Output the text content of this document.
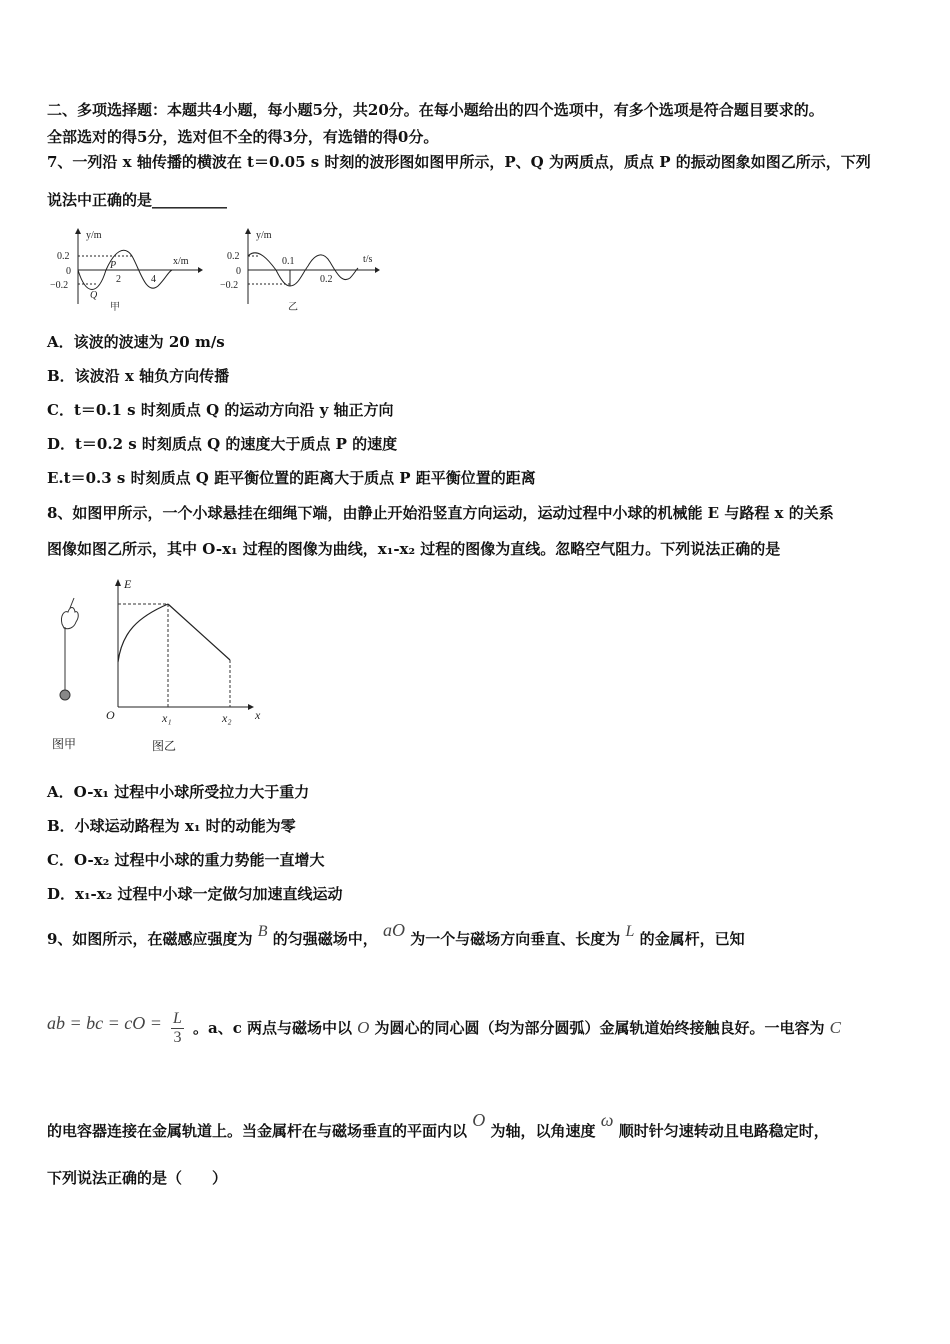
二、多项选择题：本题共4小题，每小题5分，共20分。在每小题给出的四个选项中，有多个选项是符合题目要求的。
全部选对的得5分，选对但不全的得3分，有选错的得0分。
7、一列沿 x 轴传播的横波在 t＝0.05 s 时刻的波形图如图甲所示，P、Q 为两质点，质点 P 的振动图象如图乙所示，下列
说法中正确的是__________
y/m
x/m
0.2
0
−0.2
2	4
P
Q
甲
y/m
t/s
0.2
0
−0.2
0.1
0.2
乙
A．该波的波速为 20 m/s
B．该波沿 x 轴负方向传播
C．t＝0.1 s 时刻质点 Q 的运动方向沿 y 轴正方向
D．t＝0.2 s 时刻质点 Q 的速度大于质点 P 的速度
E.t＝0.3 s 时刻质点 Q 距平衡位置的距离大于质点 P 距平衡位置的距离
8、如图甲所示，一个小球悬挂在细绳下端，由静止开始沿竖直方向运动，运动过程中小球的机械能 E 与路程 x 的关系
图像如图乙所示，其中 O-x₁ 过程的图像为曲线，x₁-x₂ 过程的图像为直线。忽略空气阻力。下列说法正确的是
E
O	x₁	x₂ x
图甲	图乙
A．O-x₁ 过程中小球所受拉力大于重力
B．小球运动路程为 x₁ 时的动能为零
C．O-x₂ 过程中小球的重力势能一直增大
D．x₁-x₂ 过程中小球一定做匀加速直线运动
9、如图所示，在磁感应强度为 B 的匀强磁场中， aO 为一个与磁场方向垂直、长度为 L 的金属杆，已知
ab = bc = cO = $\frac{L}{3}$ 。a、c 两点与磁场中以 O 为圆心的同心圆（均为部分圆弧）金属轨道始终接触良好。一电容为 C
的电容器连接在金属轨道上。当金属杆在与磁场垂直的平面内以 O 为轴，以角速度 ω 顺时针匀速转动且电路稳定时，
下列说法正确的是（　　）
